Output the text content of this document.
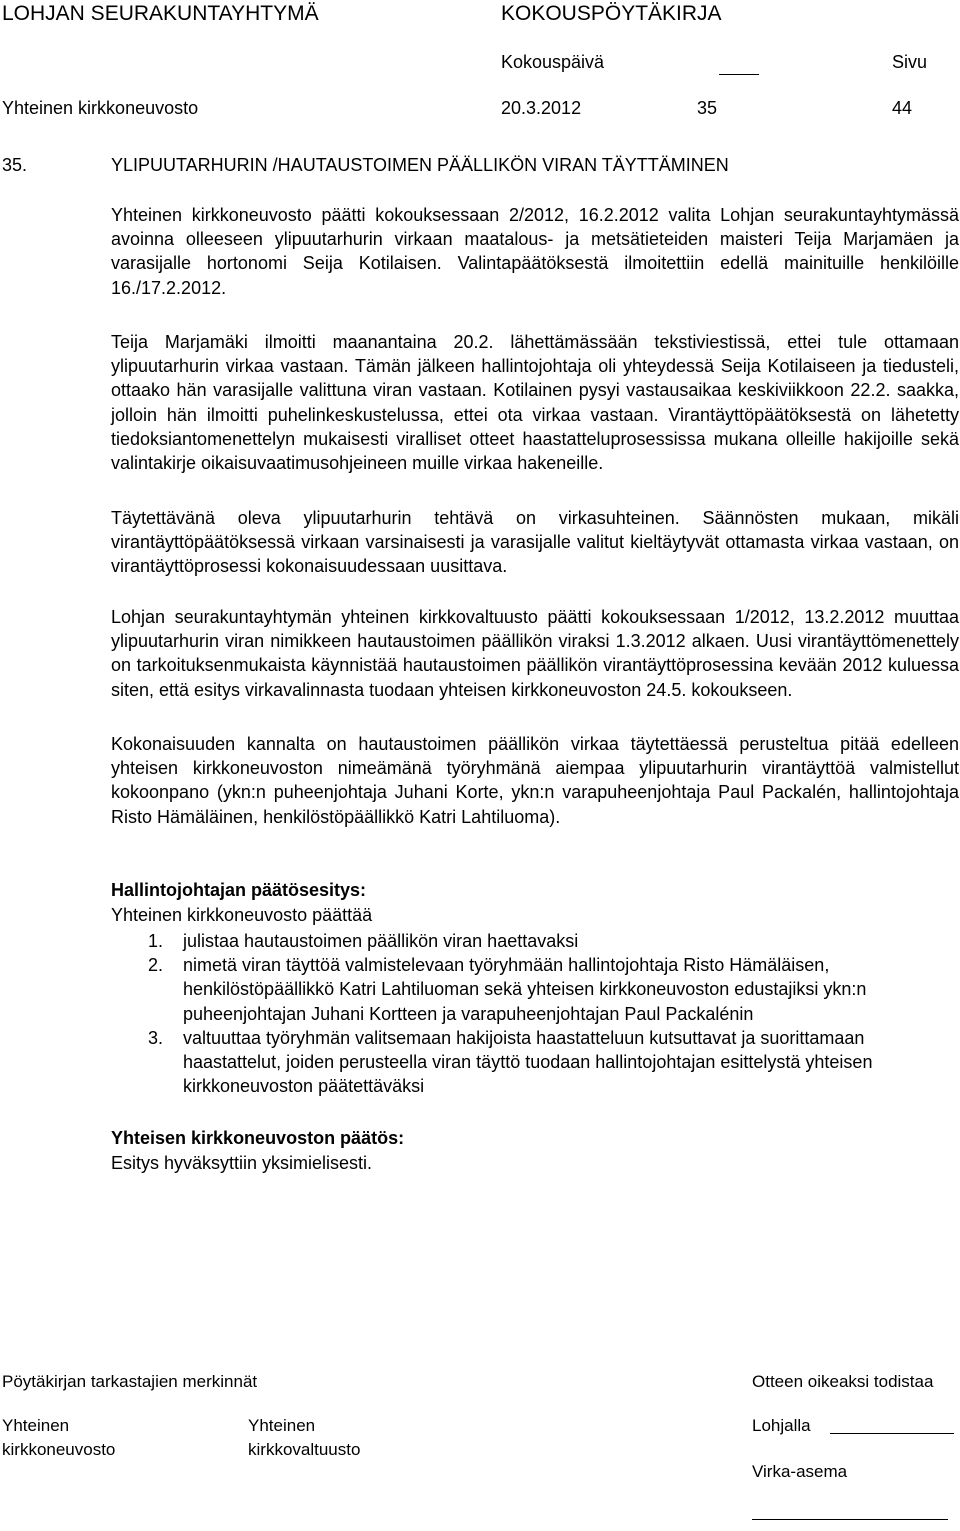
LOHJAN SEURAKUNTAYHTYMÄ	KOKOUSPÖYTÄKIRJA
Kokouspäivä	Sivu
Yhteinen kirkkoneuvosto	20.3.2012	35	44
35.	YLIPUUTARHURIN /HAUTAUSTOIMEN PÄÄLLIKÖN VIRAN TÄYTTÄMINEN

Yhteinen kirkkoneuvosto päätti kokouksessaan 2/2012, 16.2.2012 valita Lohjan seurakuntayhtymässä avoinna olleeseen ylipuutarhurin virkaan maatalous- ja metsätieteiden maisteri Teija Marjamäen ja varasijalle hortonomi Seija Kotilaisen. Valintapäätöksestä ilmoitettiin edellä mainituille henkilöille 16./17.2.2012.

Teija Marjamäki ilmoitti maanantaina 20.2. lähettämässään tekstiviestissä, ettei tule ottamaan ylipuutarhurin virkaa vastaan. Tämän jälkeen hallintojohtaja oli yhteydessä Seija Kotilaiseen ja tiedusteli, ottaako hän varasijalle valittuna viran vastaan. Kotilainen pysyi vastausaikaa keskiviikkoon 22.2. saakka, jolloin hän ilmoitti puhelinkeskustelussa, ettei ota virkaa vastaan. Virantäyttöpäätöksestä on lähetetty tiedoksiantomenettelyn mukaisesti viralliset otteet haastatteluprosessissa mukana olleille hakijoille sekä valintakirje oikaisuvaatimusohjeineen muille virkaa hakeneille.

Täytettävänä oleva ylipuutarhurin tehtävä on virkasuhteinen. Säännösten mukaan, mikäli virantäyttöpäätöksessä virkaan varsinaisesti ja varasijalle valitut kieltäytyvät ottamasta virkaa vastaan, on virantäyttöprosessi kokonaisuudessaan uusittava.

Lohjan seurakuntayhtymän yhteinen kirkkovaltuusto päätti kokouksessaan 1/2012, 13.2.2012 muuttaa ylipuutarhurin viran nimikkeen hautaustoimen päällikön viraksi 1.3.2012 alkaen. Uusi virantäyttömenettely on tarkoituksenmukaista käynnistää hautaustoimen päällikön virantäyttöprosessina kevään 2012 kuluessa siten, että esitys virkavalinnasta tuodaan yhteisen kirkkoneuvoston 24.5. kokoukseen.

Kokonaisuuden kannalta on hautaustoimen päällikön virkaa täytettäessä perusteltua pitää edelleen yhteisen kirkkoneuvoston nimeämänä työryhmänä aiempaa ylipuutarhurin virantäyttöä valmistellut kokoonpano (ykn:n puheenjohtaja Juhani Korte, ykn:n varapuheenjohtaja Paul Packalén, hallintojohtaja Risto Hämäläinen, henkilöstöpäällikkö Katri Lahtiluoma).

Hallintojohtajan päätösesitys:
Yhteinen kirkkoneuvosto päättää
1. julistaa hautaustoimen päällikön viran haettavaksi
2. nimetä viran täyttöä valmistelevaan työryhmään hallintojohtaja Risto Hämäläisen, henkilöstöpäällikkö Katri Lahtiluoman sekä yhteisen kirkkoneuvoston edustajiksi ykn:n puheenjohtajan Juhani Kortteen ja varapuheenjohtajan Paul Packalénin
3. valtuuttaa työryhmän valitsemaan hakijoista haastatteluun kutsuttavat ja suorittamaan haastattelut, joiden perusteella viran täyttö tuodaan hallintojohtajan esittelystä yhteisen kirkkoneuvoston päätettäväksi
Yhteisen kirkkoneuvoston päätös:
Esitys hyväksyttiin yksimielisesti.
Pöytäkirjan tarkastajien merkinnät	Otteen oikeaksi todistaa
Yhteinen
kirkkoneuvosto
Yhteinen
kirkkovaltuusto
Lohjalla
Virka-asema
